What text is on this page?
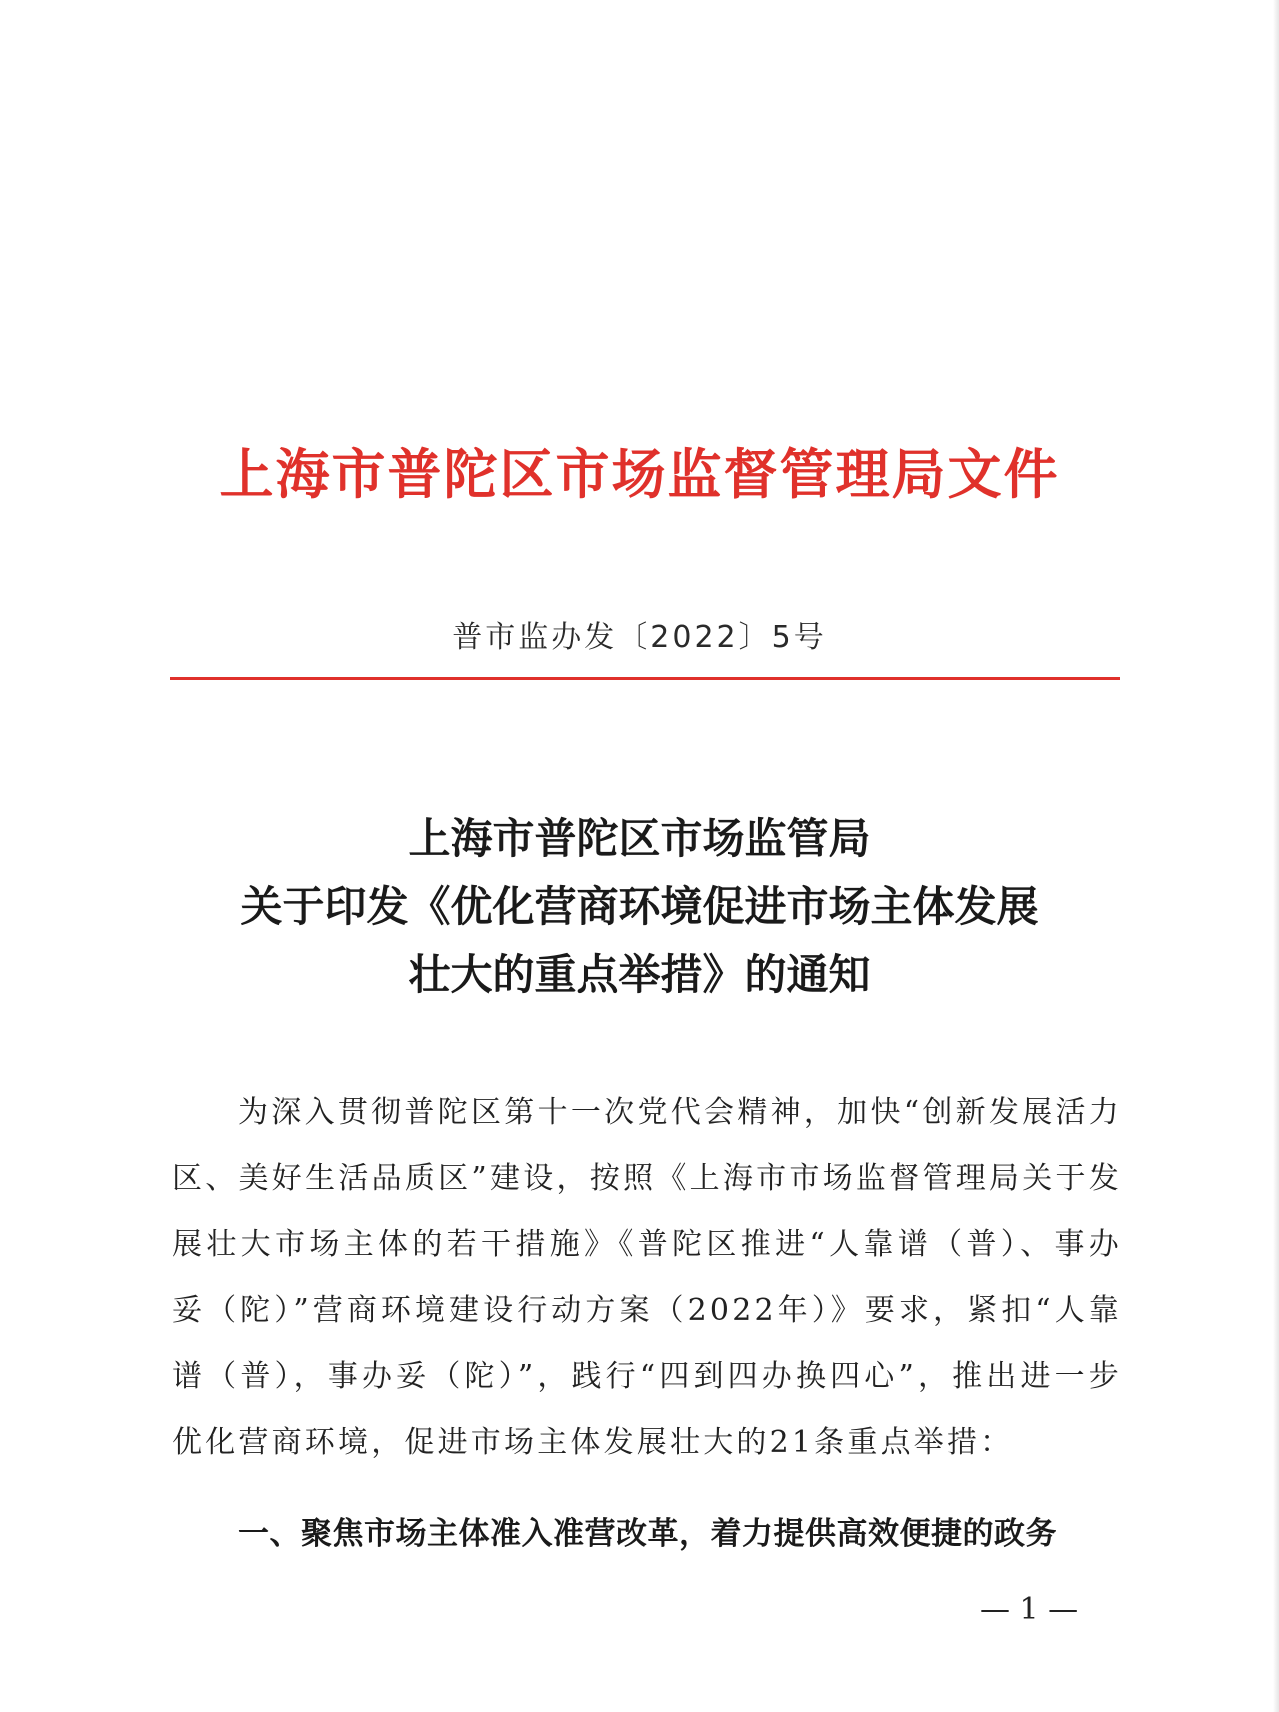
上海市普陀区市场监督管理局文件
普市监办发〔2022〕5号
上海市普陀区市场监管局
关于印发《优化营商环境促进市场主体发展
壮大的重点举措》的通知

为深入贯彻普陀区第十一次党代会精神，加快“创新发展活力区、美好生活品质区”建设，按照《上海市市场监督管理局关于发展壮大市场主体的若干措施》《普陀区推进“人靠谱（普）、事办妥（陀）”营商环境建设行动方案（2022年）》要求，紧扣“人靠谱（普），事办妥（陀）”，践行“四到四办换四心”，推出进一步优化营商环境，促进市场主体发展壮大的21条重点举措：

一、聚焦市场主体准入准营改革，着力提供高效便捷的政务
— 1 —
